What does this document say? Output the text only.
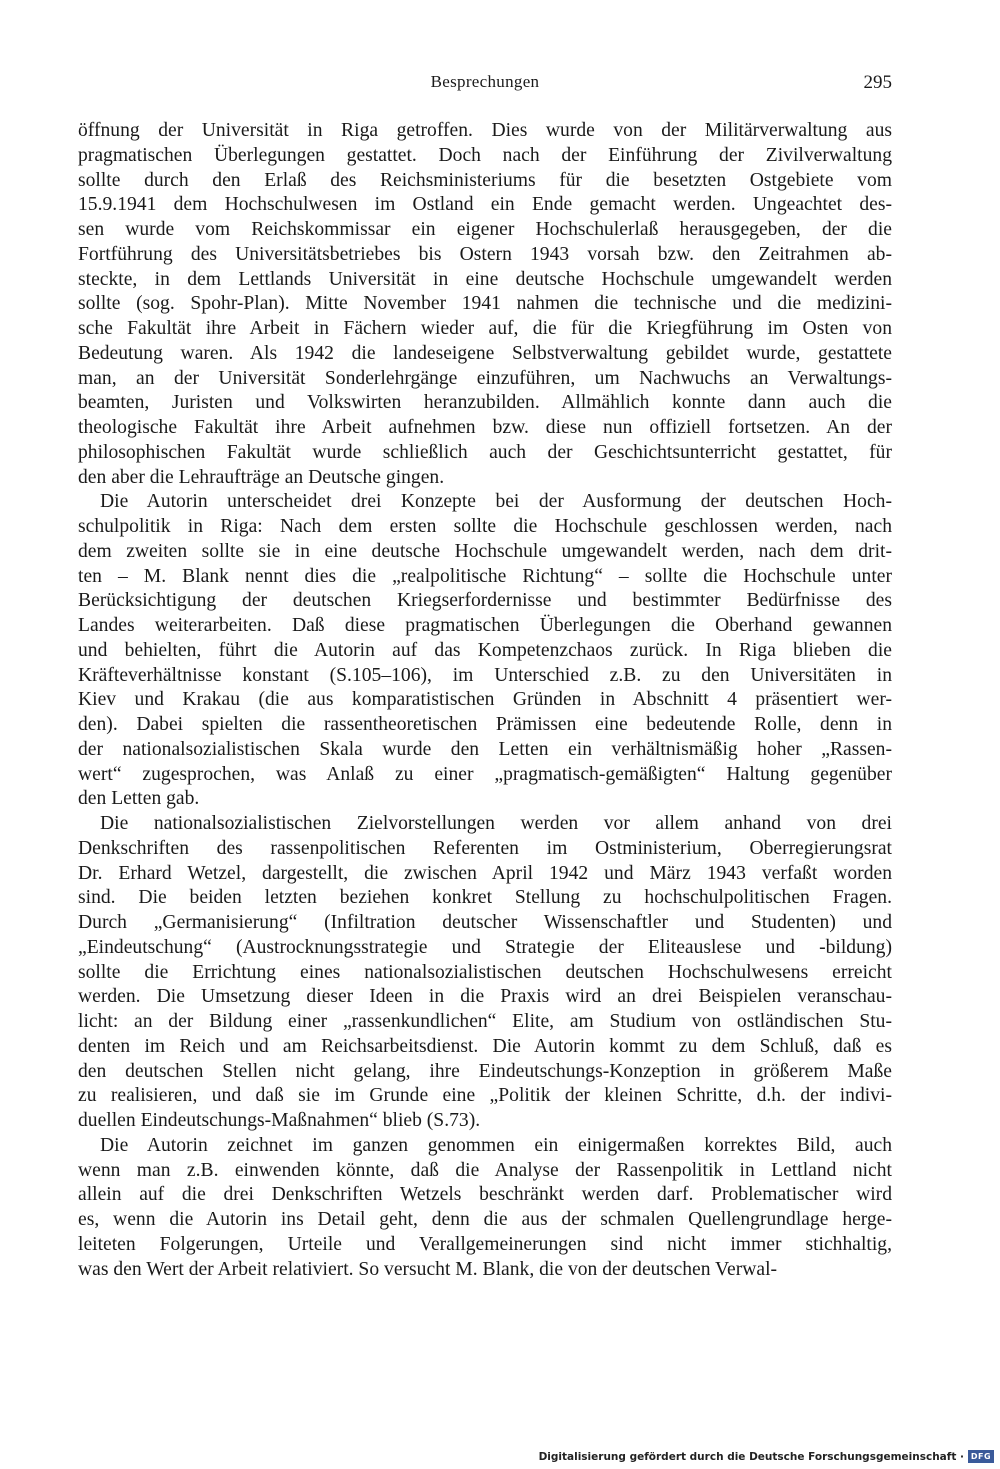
Besprechungen	295
öffnung der Universität in Riga getroffen. Dies wurde von der Militärverwaltung aus
pragmatischen Überlegungen gestattet. Doch nach der Einführung der Zivilverwaltung
sollte durch den Erlaß des Reichsministeriums für die besetzten Ostgebiete vom
15.9.1941 dem Hochschulwesen im Ostland ein Ende gemacht werden. Ungeachtet des-
sen wurde vom Reichskommissar ein eigener Hochschulerlaß herausgegeben, der die
Fortführung des Universitätsbetriebes bis Ostern 1943 vorsah bzw. den Zeitrahmen ab-
steckte, in dem Lettlands Universität in eine deutsche Hochschule umgewandelt werden
sollte (sog. Spohr-Plan). Mitte November 1941 nahmen die technische und die medizini-
sche Fakultät ihre Arbeit in Fächern wieder auf, die für die Kriegführung im Osten von
Bedeutung waren. Als 1942 die landeseigene Selbstverwaltung gebildet wurde, gestattete
man, an der Universität Sonderlehrgänge einzuführen, um Nachwuchs an Verwaltungs-
beamten, Juristen und Volkswirten heranzubilden. Allmählich konnte dann auch die
theologische Fakultät ihre Arbeit aufnehmen bzw. diese nun offiziell fortsetzen. An der
philosophischen Fakultät wurde schließlich auch der Geschichtsunterricht gestattet, für
den aber die Lehraufträge an Deutsche gingen.
Die Autorin unterscheidet drei Konzepte bei der Ausformung der deutschen Hoch-
schulpolitik in Riga: Nach dem ersten sollte die Hochschule geschlossen werden, nach
dem zweiten sollte sie in eine deutsche Hochschule umgewandelt werden, nach dem drit-
ten – M. Blank nennt dies die „realpolitische Richtung“ – sollte die Hochschule unter
Berücksichtigung der deutschen Kriegserfordernisse und bestimmter Bedürfnisse des
Landes weiterarbeiten. Daß diese pragmatischen Überlegungen die Oberhand gewannen
und behielten, führt die Autorin auf das Kompetenzchaos zurück. In Riga blieben die
Kräfteverhältnisse konstant (S.105–106), im Unterschied z.B. zu den Universitäten in
Kiev und Krakau (die aus komparatistischen Gründen in Abschnitt 4 präsentiert wer-
den). Dabei spielten die rassentheoretischen Prämissen eine bedeutende Rolle, denn in
der nationalsozialistischen Skala wurde den Letten ein verhältnismäßig hoher „Rassen-
wert“ zugesprochen, was Anlaß zu einer „pragmatisch-gemäßigten“ Haltung gegenüber
den Letten gab.
Die nationalsozialistischen Zielvorstellungen werden vor allem anhand von drei
Denkschriften des rassenpolitischen Referenten im Ostministerium, Oberregierungsrat
Dr. Erhard Wetzel, dargestellt, die zwischen April 1942 und März 1943 verfaßt worden
sind. Die beiden letzten beziehen konkret Stellung zu hochschulpolitischen Fragen.
Durch „Germanisierung“ (Infiltration deutscher Wissenschaftler und Studenten) und
„Eindeutschung“ (Austrocknungsstrategie und Strategie der Eliteauslese und -bildung)
sollte die Errichtung eines nationalsozialistischen deutschen Hochschulwesens erreicht
werden. Die Umsetzung dieser Ideen in die Praxis wird an drei Beispielen veranschau-
licht: an der Bildung einer „rassenkundlichen“ Elite, am Studium von ostländischen Stu-
denten im Reich und am Reichsarbeitsdienst. Die Autorin kommt zu dem Schluß, daß es
den deutschen Stellen nicht gelang, ihre Eindeutschungs-Konzeption in größerem Maße
zu realisieren, und daß sie im Grunde eine „Politik der kleinen Schritte, d.h. der indivi-
duellen Eindeutschungs-Maßnahmen“ blieb (S.73).
Die Autorin zeichnet im ganzen genommen ein einigermaßen korrektes Bild, auch
wenn man z.B. einwenden könnte, daß die Analyse der Rassenpolitik in Lettland nicht
allein auf die drei Denkschriften Wetzels beschränkt werden darf. Problematischer wird
es, wenn die Autorin ins Detail geht, denn die aus der schmalen Quellengrundlage herge-
leiteten Folgerungen, Urteile und Verallgemeinerungen sind nicht immer stichhaltig,
was den Wert der Arbeit relativiert. So versucht M. Blank, die von der deutschen Verwal-
Digitalisierung gefördert durch die Deutsche Forschungsgemeinschaft · DFG
